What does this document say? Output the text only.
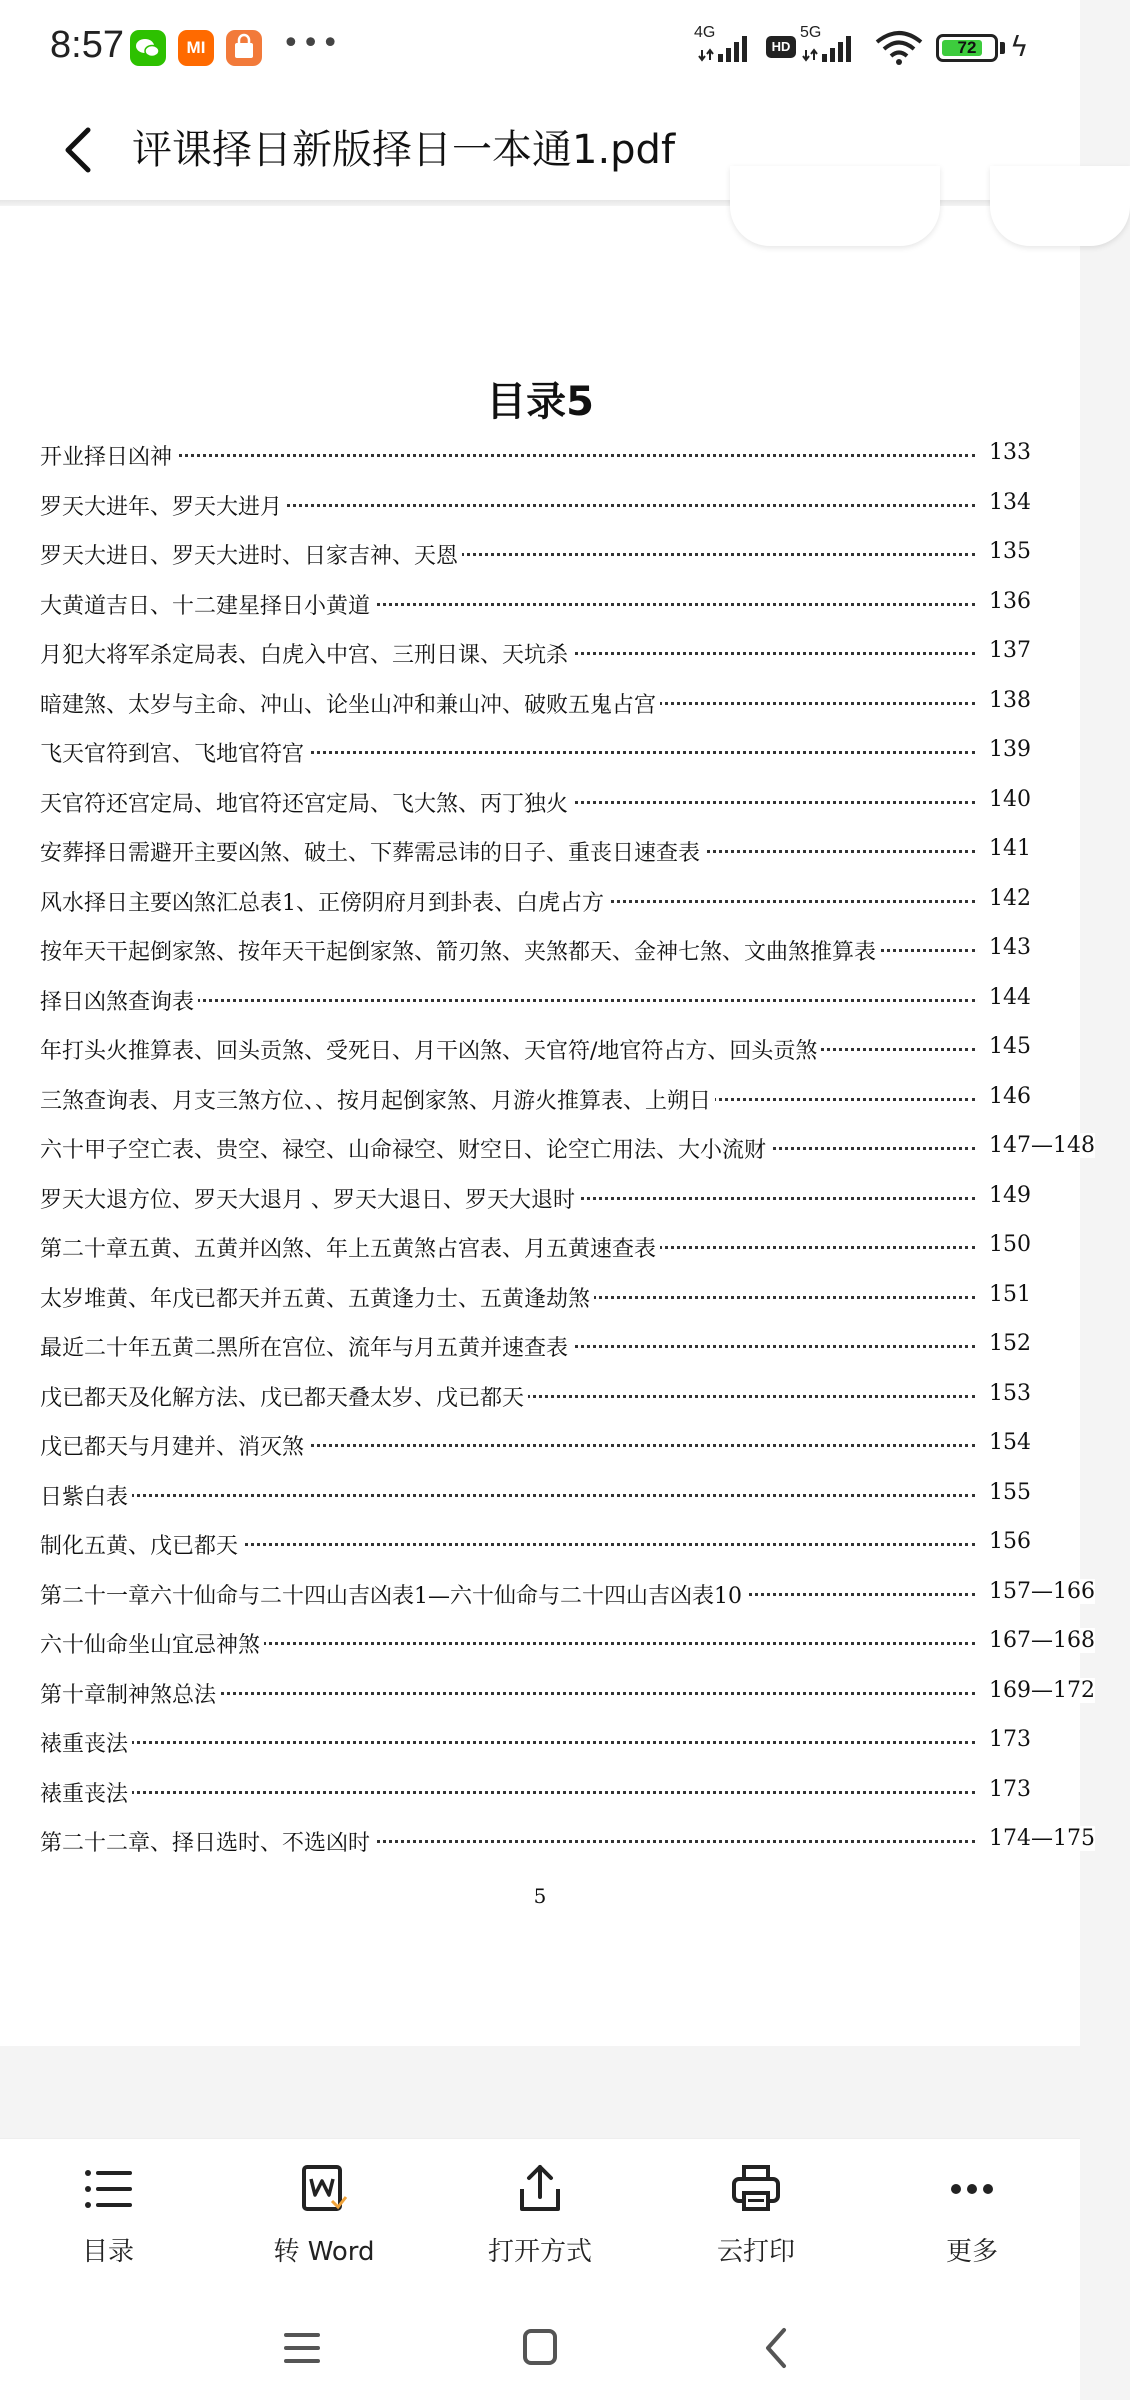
8:57	MI	•••	4G
HD
5G
72	ϟ
评课择日新版择日一本通1.pdf
目录5
开业择日凶神	133
罗天大进年、罗天大进月	134
罗天大进日、罗天大进时、日家吉神、天恩	135
大黄道吉日、十二建星择日小黄道	136
月犯大将军杀定局表、白虎入中宫、三刑日课、天坑杀	137
暗建煞、太岁与主命、冲山、论坐山冲和兼山冲、破败五鬼占宫	138
飞天官符到宫、飞地官符宫	139
天官符还宫定局、地官符还宫定局、飞大煞、丙丁独火	140
安葬择日需避开主要凶煞、破土、下葬需忌讳的日子、重丧日速查表	141
风水择日主要凶煞汇总表1、正傍阴府月到卦表、白虎占方	142
按年天干起倒家煞、按年天干起倒家煞、箭刃煞、夹煞都天、金神七煞、文曲煞推算表	143
择日凶煞查询表	144
年打头火推算表、回头贡煞、受死日、月干凶煞、天官符/地官符占方、回头贡煞	145
三煞查询表、月支三煞方位、、按月起倒家煞、月游火推算表、上朔日	146
六十甲子空亡表、贵空、禄空、山命禄空、财空日、论空亡用法、大小流财	147—148
罗天大退方位、罗天大退月 、罗天大退日、罗天大退时	149
第二十章五黄、五黄并凶煞、年上五黄煞占宫表、月五黄速查表	150
太岁堆黄、年戊已都天并五黄、五黄逢力士、五黄逢劫煞	151
最近二十年五黄二黑所在宫位、流年与月五黄并速查表	152
戊已都天及化解方法、戊已都天叠太岁、戊已都天	153
戊已都天与月建并、消灭煞	154
日紫白表	155
制化五黄、戊已都天	156
第二十一章六十仙命与二十四山吉凶表1—六十仙命与二十四山吉凶表10	157—166
六十仙命坐山宜忌神煞	167—168
第十章制神煞总法	169—172
裱重丧法	173
裱重丧法	173
第二十二章、择日选时、不选凶时	174—175
5
目录	转 Word	打开方式	云打印	更多
